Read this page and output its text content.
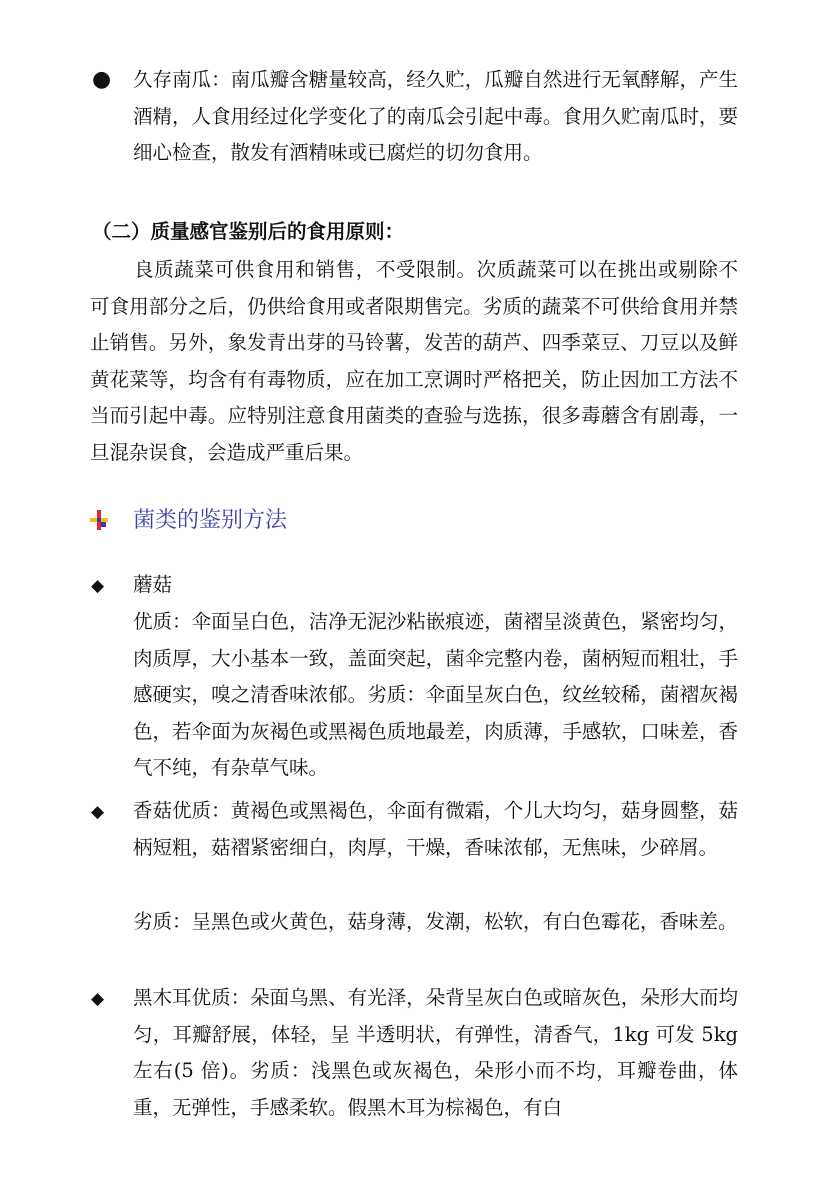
● 久存南瓜：南瓜瓣含糖量较高，经久贮，瓜瓣自然进行无氧酵解，产生酒精，人食用经过化学变化了的南瓜会引起中毒。食用久贮南瓜时，要细心检查，散发有酒精味或已腐烂的切勿食用。
（二）质量感官鉴别后的食用原则：
良质蔬菜可供食用和销售，不受限制。次质蔬菜可以在挑出或剔除不可食用部分之后，仍供给食用或者限期售完。劣质的蔬菜不可供给食用并禁止销售。另外，象发青出芽的马铃薯，发苦的葫芦、四季菜豆、刀豆以及鲜黄花菜等，均含有有毒物质，应在加工烹调时严格把关，防止因加工方法不当而引起中毒。应特别注意食用菌类的查验与选拣，很多毒蘑含有剧毒，一旦混杂误食，会造成严重后果。
菌类的鉴别方法
◆ 蘑菇
优质：伞面呈白色，洁净无泥沙粘嵌痕迹，菌褶呈淡黄色，紧密均匀，肉质厚，大小基本一致，盖面突起，菌伞完整内卷，菌柄短而粗壮，手感硬实，嗅之清香味浓郁。劣质：伞面呈灰白色，纹丝较稀，菌褶灰褐色，若伞面为灰褐色或黑褐色质地最差，肉质薄，手感软，口味差，香气不纯，有杂草气味。
◆ 香菇优质：黄褐色或黑褐色，伞面有微霜，个儿大均匀，菇身圆整，菇柄短粗，菇褶紧密细白，肉厚，干燥，香味浓郁，无焦味，少碎屑。
劣质：呈黑色或火黄色，菇身薄，发潮，松软，有白色霉花，香味差。
◆ 黑木耳优质：朵面乌黑、有光泽，朵背呈灰白色或暗灰色，朵形大而均匀，耳瓣舒展，体轻，呈 半透明状，有弹性，清香气，1kg 可发 5kg 左右(5 倍)。劣质：浅黑色或灰褐色，朵形小而不均，耳瓣卷曲，体重，无弹性，手感柔软。假黑木耳为棕褐色，有白
